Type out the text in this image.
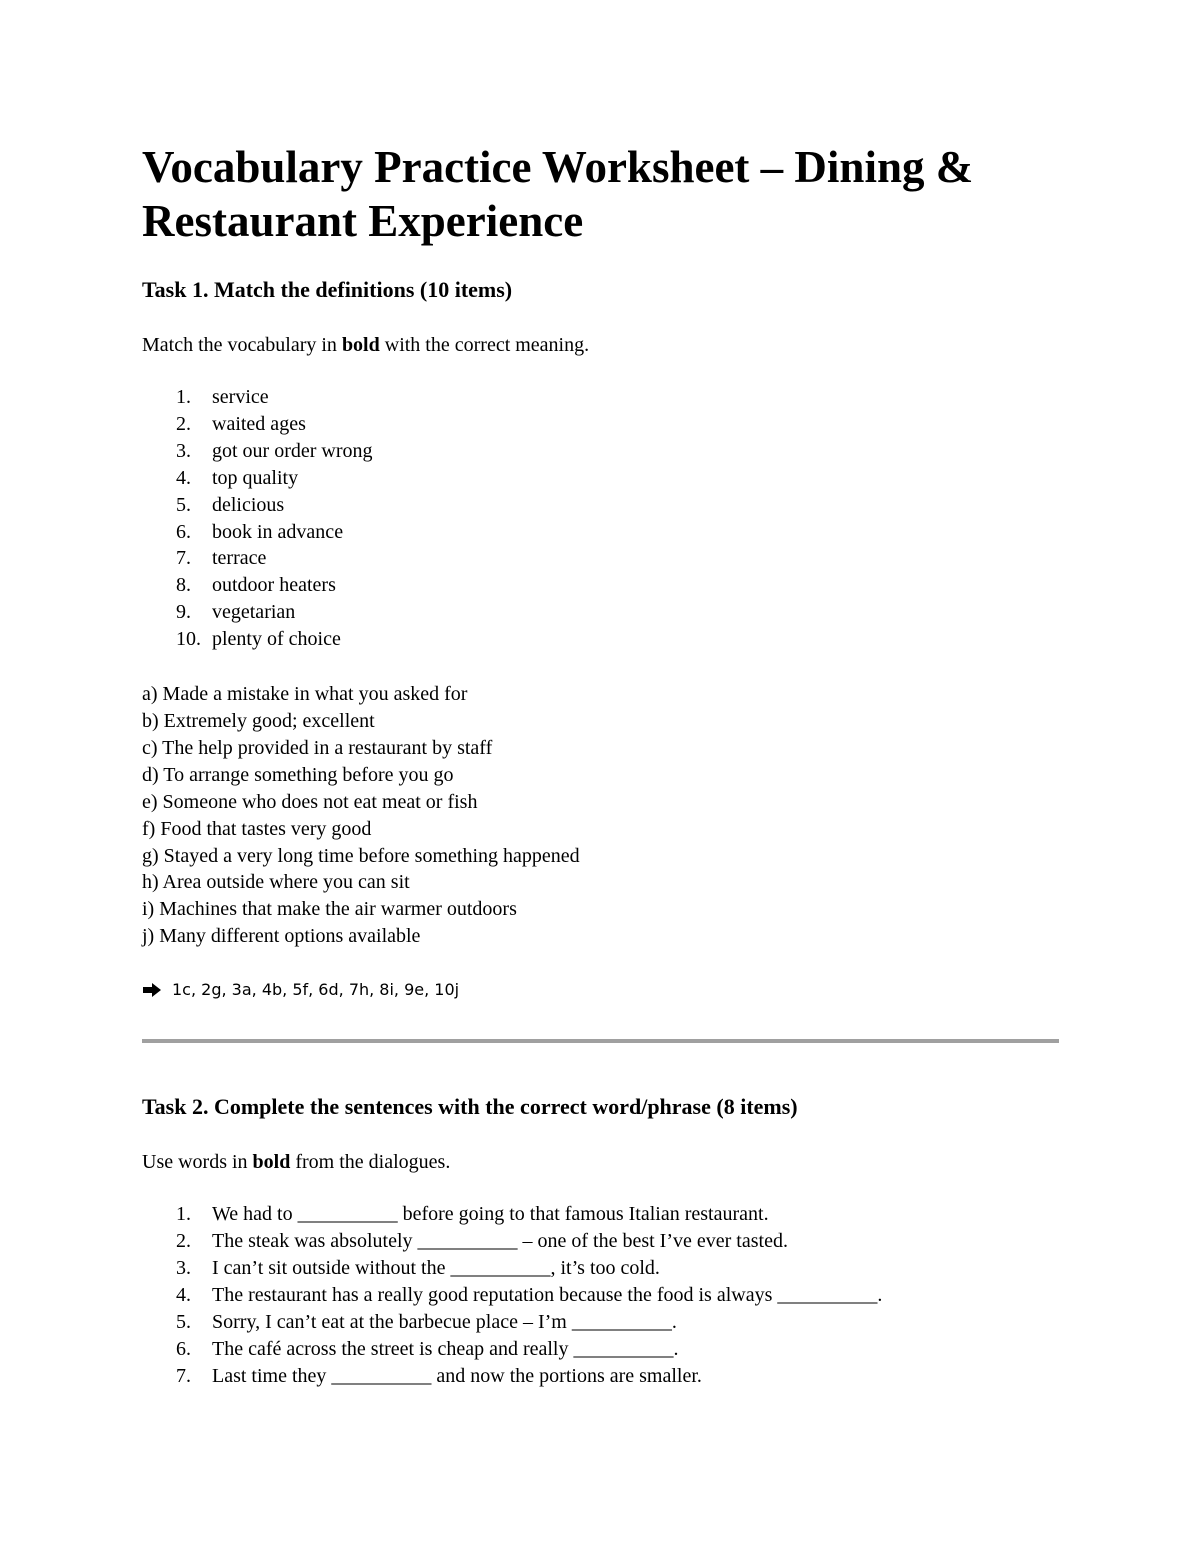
Vocabulary Practice Worksheet – Dining &
Restaurant Experience
Task 1. Match the definitions (10 items)

Match the vocabulary in bold with the correct meaning.

1.	service
2.	waited ages
3.	got our order wrong
4.	top quality
5.	delicious
6.	book in advance
7.	terrace
8.	outdoor heaters
9.	vegetarian
10. plenty of choice
a) Made a mistake in what you asked for
b) Extremely good; excellent
c) The help provided in a restaurant by staff
d) To arrange something before you go
e) Someone who does not eat meat or fish
f) Food that tastes very good
g) Stayed a very long time before something happened
h) Area outside where you can sit
i) Machines that make the air warmer outdoors
j) Many different options available
1c, 2g, 3a, 4b, 5f, 6d, 7h, 8i, 9e, 10j
Task 2. Complete the sentences with the correct word/phrase (8 items)

Use words in bold from the dialogues.

1.	We had to __________ before going to that famous Italian restaurant.
2.	The steak was absolutely __________ – one of the best I’ve ever tasted.
3.	I can’t sit outside without the __________, it’s too cold.
4.	The restaurant has a really good reputation because the food is always __________.
5.	Sorry, I can’t eat at the barbecue place – I’m __________.
6.	The café across the street is cheap and really __________.
7.	Last time they __________ and now the portions are smaller.
